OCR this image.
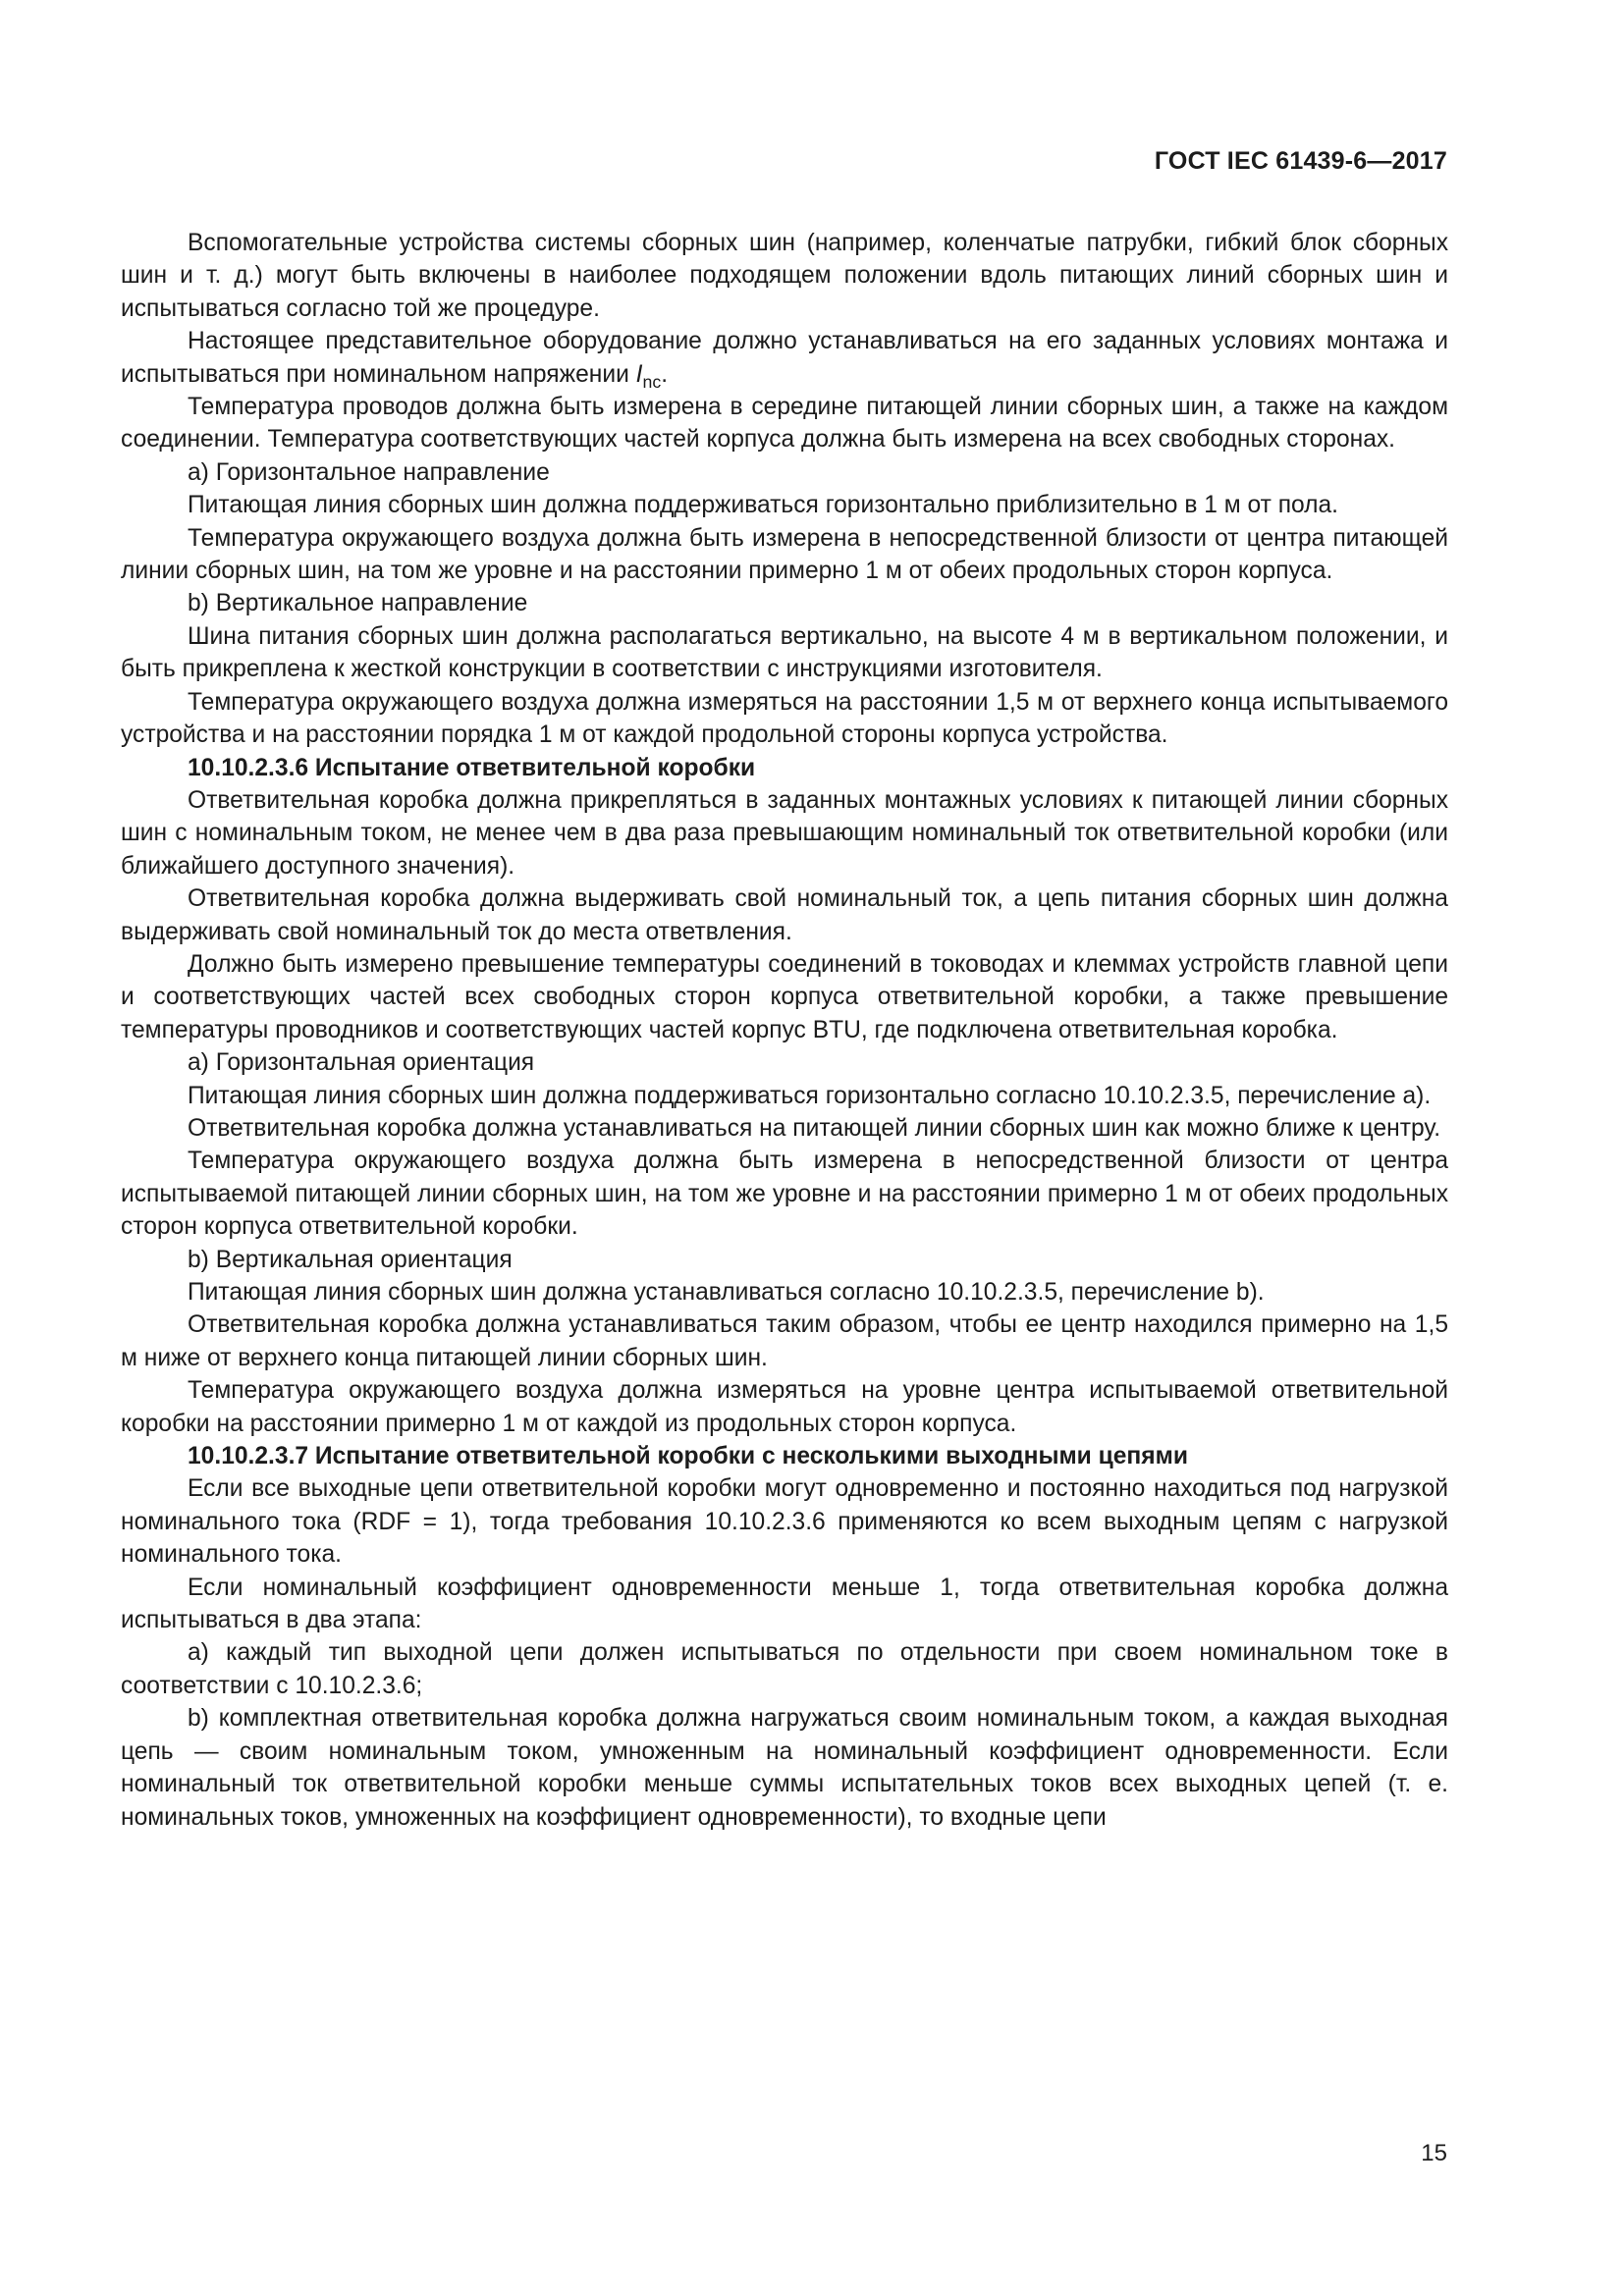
ГОСТ IEC 61439-6—2017

Вспомогательные устройства системы сборных шин (например, коленчатые патрубки, гибкий блок сборных шин и т. д.) могут быть включены в наиболее подходящем положении вдоль питающих линий сборных шин и испытываться согласно той же процедуре.

Настоящее представительное оборудование должно устанавливаться на его заданных условиях монтажа и испытываться при номинальном напряжении $I_{nc}$.

Температура проводов должна быть измерена в середине питающей линии сборных шин, а также на каждом соединении. Температура соответствующих частей корпуса должна быть измерена на всех свободных сторонах.

а) Горизонтальное направление

Питающая линия сборных шин должна поддерживаться горизонтально приблизительно в 1 м от пола.

Температура окружающего воздуха должна быть измерена в непосредственной близости от центра питающей линии сборных шин, на том же уровне и на расстоянии примерно 1 м от обеих продольных сторон корпуса.

b) Вертикальное направление

Шина питания сборных шин должна располагаться вертикально, на высоте 4 м в вертикальном положении, и быть прикреплена к жесткой конструкции в соответствии с инструкциями изготовителя.

Температура окружающего воздуха должна измеряться на расстоянии 1,5 м от верхнего конца испытываемого устройства и на расстоянии порядка 1 м от каждой продольной стороны корпуса устройства.

10.10.2.3.6 Испытание ответвительной коробки

Ответвительная коробка должна прикрепляться в заданных монтажных условиях к питающей линии сборных шин с номинальным током, не менее чем в два раза превышающим номинальный ток ответвительной коробки (или ближайшего доступного значения).

Ответвительная коробка должна выдерживать свой номинальный ток, а цепь питания сборных шин должна выдерживать свой номинальный ток до места ответвления.

Должно быть измерено превышение температуры соединений в тоководах и клеммах устройств главной цепи и соответствующих частей всех свободных сторон корпуса ответвительной коробки, а также превышение температуры проводников и соответствующих частей корпус BTU, где подключена ответвительная коробка.

а) Горизонтальная ориентация

Питающая линия сборных шин должна поддерживаться горизонтально согласно 10.10.2.3.5, перечисление а).

Ответвительная коробка должна устанавливаться на питающей линии сборных шин как можно ближе к центру.

Температура окружающего воздуха должна быть измерена в непосредственной близости от центра испытываемой питающей линии сборных шин, на том же уровне и на расстоянии примерно 1 м от обеих продольных сторон корпуса ответвительной коробки.

b) Вертикальная ориентация

Питающая линия сборных шин должна устанавливаться согласно 10.10.2.3.5, перечисление b).

Ответвительная коробка должна устанавливаться таким образом, чтобы ее центр находился примерно на 1,5 м ниже от верхнего конца питающей линии сборных шин.

Температура окружающего воздуха должна измеряться на уровне центра испытываемой ответвительной коробки на расстоянии примерно 1 м от каждой из продольных сторон корпуса.

10.10.2.3.7 Испытание ответвительной коробки с несколькими выходными цепями

Если все выходные цепи ответвительной коробки могут одновременно и постоянно находиться под нагрузкой номинального тока (RDF = 1), тогда требования 10.10.2.3.6 применяются ко всем выходным цепям с нагрузкой номинального тока.

Если номинальный коэффициент одновременности меньше 1, тогда ответвительная коробка должна испытываться в два этапа:

а) каждый тип выходной цепи должен испытываться по отдельности при своем номинальном токе в соответствии с 10.10.2.3.6;

b) комплектная ответвительная коробка должна нагружаться своим номинальным током, а каждая выходная цепь — своим номинальным током, умноженным на номинальный коэффициент одновременности. Если номинальный ток ответвительной коробки меньше суммы испытательных токов всех выходных цепей (т. е. номинальных токов, умноженных на коэффициент одновременности), то входные цепи

15
